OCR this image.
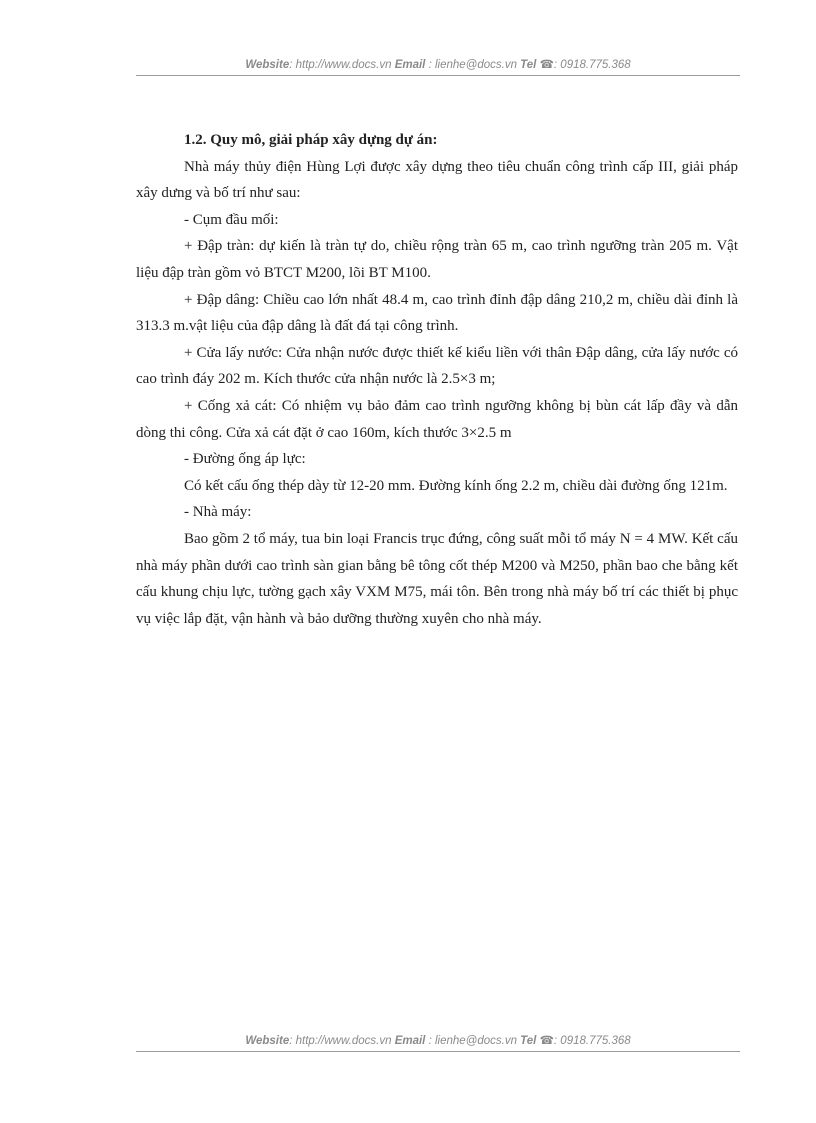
Website: http://www.docs.vn Email : lienhe@docs.vn Tel ☎: 0918.775.368

1.2. Quy mô, giải pháp xây dựng dự án:

Nhà máy thủy điện Hùng Lợi được xây dựng theo tiêu chuẩn công trình cấp III, giải pháp xây dưng và bố trí như sau:

- Cụm đầu mối:

+ Đập tràn: dự kiến là tràn tự do, chiều rộng tràn 65 m, cao trình ngưỡng tràn 205 m. Vật liệu đập tràn gồm vỏ BTCT M200, lõi BT M100.

+ Đập dâng: Chiều cao lớn nhất 48.4 m, cao trình đỉnh đập dâng 210,2 m, chiều dài đỉnh là 313.3 m.vật liệu của đập dâng là đất đá tại công trình.

+ Cửa lấy nước: Cửa nhận nước được thiết kế kiểu liền với thân Đập dâng, cửa lấy nước có cao trình đáy 202 m. Kích thước cửa nhận nước là 2.5×3 m;

+ Cống xả cát: Có nhiệm vụ bảo đảm cao trình ngưỡng không bị bùn cát lấp đầy và dẫn dòng thi công. Cửa xả cát đặt ở cao 160m, kích thước 3×2.5 m

- Đường ống áp lực:

Có kết cấu ống thép dày từ 12-20 mm. Đường kính ống 2.2 m, chiều dài đường ống 121m.

- Nhà máy:

Bao gồm 2 tổ máy, tua bin loại Francis trục đứng, công suất mỗi tổ máy N = 4 MW. Kết cấu nhà máy phần dưới cao trình sàn gian bằng bê tông cốt thép M200 và M250, phần bao che bằng kết cấu khung chịu lực, tường gạch xây VXM M75, mái tôn. Bên trong nhà máy bố trí các thiết bị phục vụ việc lắp đặt, vận hành và bảo dưỡng thường xuyên cho nhà máy.

Website: http://www.docs.vn Email : lienhe@docs.vn Tel ☎: 0918.775.368
